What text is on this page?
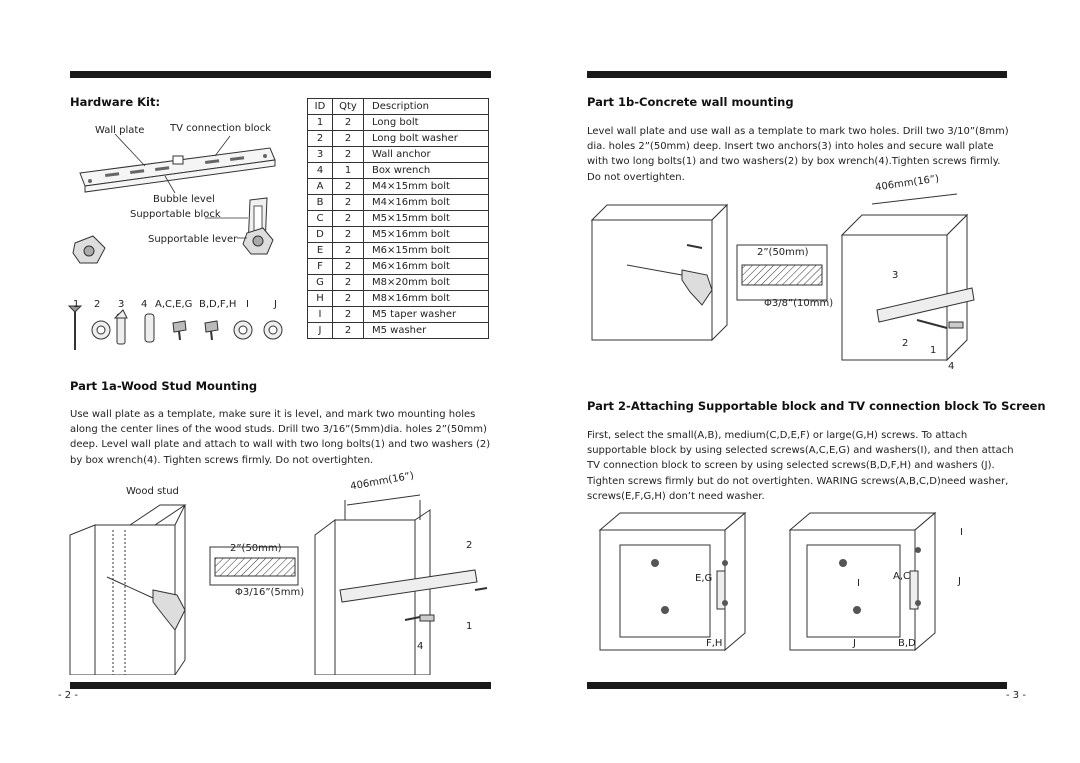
Hardware Kit:
Wall plate	TV connection block
Bubble level
Supportable block
Supportable lever
1 2 3 4 A,C,E,G B,D,F,H I	J
ID	Qty	Description
1	2	Long bolt
2	2	Long bolt washer
3	2	Wall anchor
4	1	Box wrench
A	2	M4×15mm bolt
B	2	M4×16mm bolt
C	2	M5×15mm bolt
D	2	M5×16mm bolt
E	2	M6×15mm bolt
F	2	M6×16mm bolt
G	2	M8×20mm bolt
H	2	M8×16mm bolt
I	2	M5 taper washer
J	2	M5 washer
Part 1a-Wood Stud Mounting
Use wall plate as a template, make sure it is level, and mark two mounting holes along the center lines of the wood studs. Drill two 3/16”(5mm)dia. holes 2”(50mm) deep. Level wall plate and attach to wall with two long bolts(1) and two washers (2) by box wrench(4). Tighten screws firmly. Do not overtighten.
Wood stud	406mm(16”)
2”(50mm)
Φ3/16”(5mm)
2
1
4
- 2 -
Part 1b-Concrete wall mounting
Level wall plate and use wall as a template to mark two holes. Drill two 3/10”(8mm) dia. holes 2”(50mm) deep. Insert two anchors(3) into holes and secure wall plate with two long bolts(1) and two washers(2) by box wrench(4).Tighten screws firmly. Do not overtighten.	406mm(16”)
2”(50mm)
Φ3/8”(10mm)
3
2
1
4
Part 2-Attaching Supportable block and TV connection block To Screen
First, select the small(A,B), medium(C,D,E,F) or large(G,H) screws. To attach supportable block by using selected screws(A,C,E,G) and washers(I), and then attach TV connection block to screen by using selected screws(B,D,F,H) and washers (J). Tighten screws firmly but do not overtighten. WARING screws(A,B,C,D)need washer, screws(E,F,G,H) don’t need washer.
E,G
F,H
I
A,C
I	J
J	B,D
- 3 -
